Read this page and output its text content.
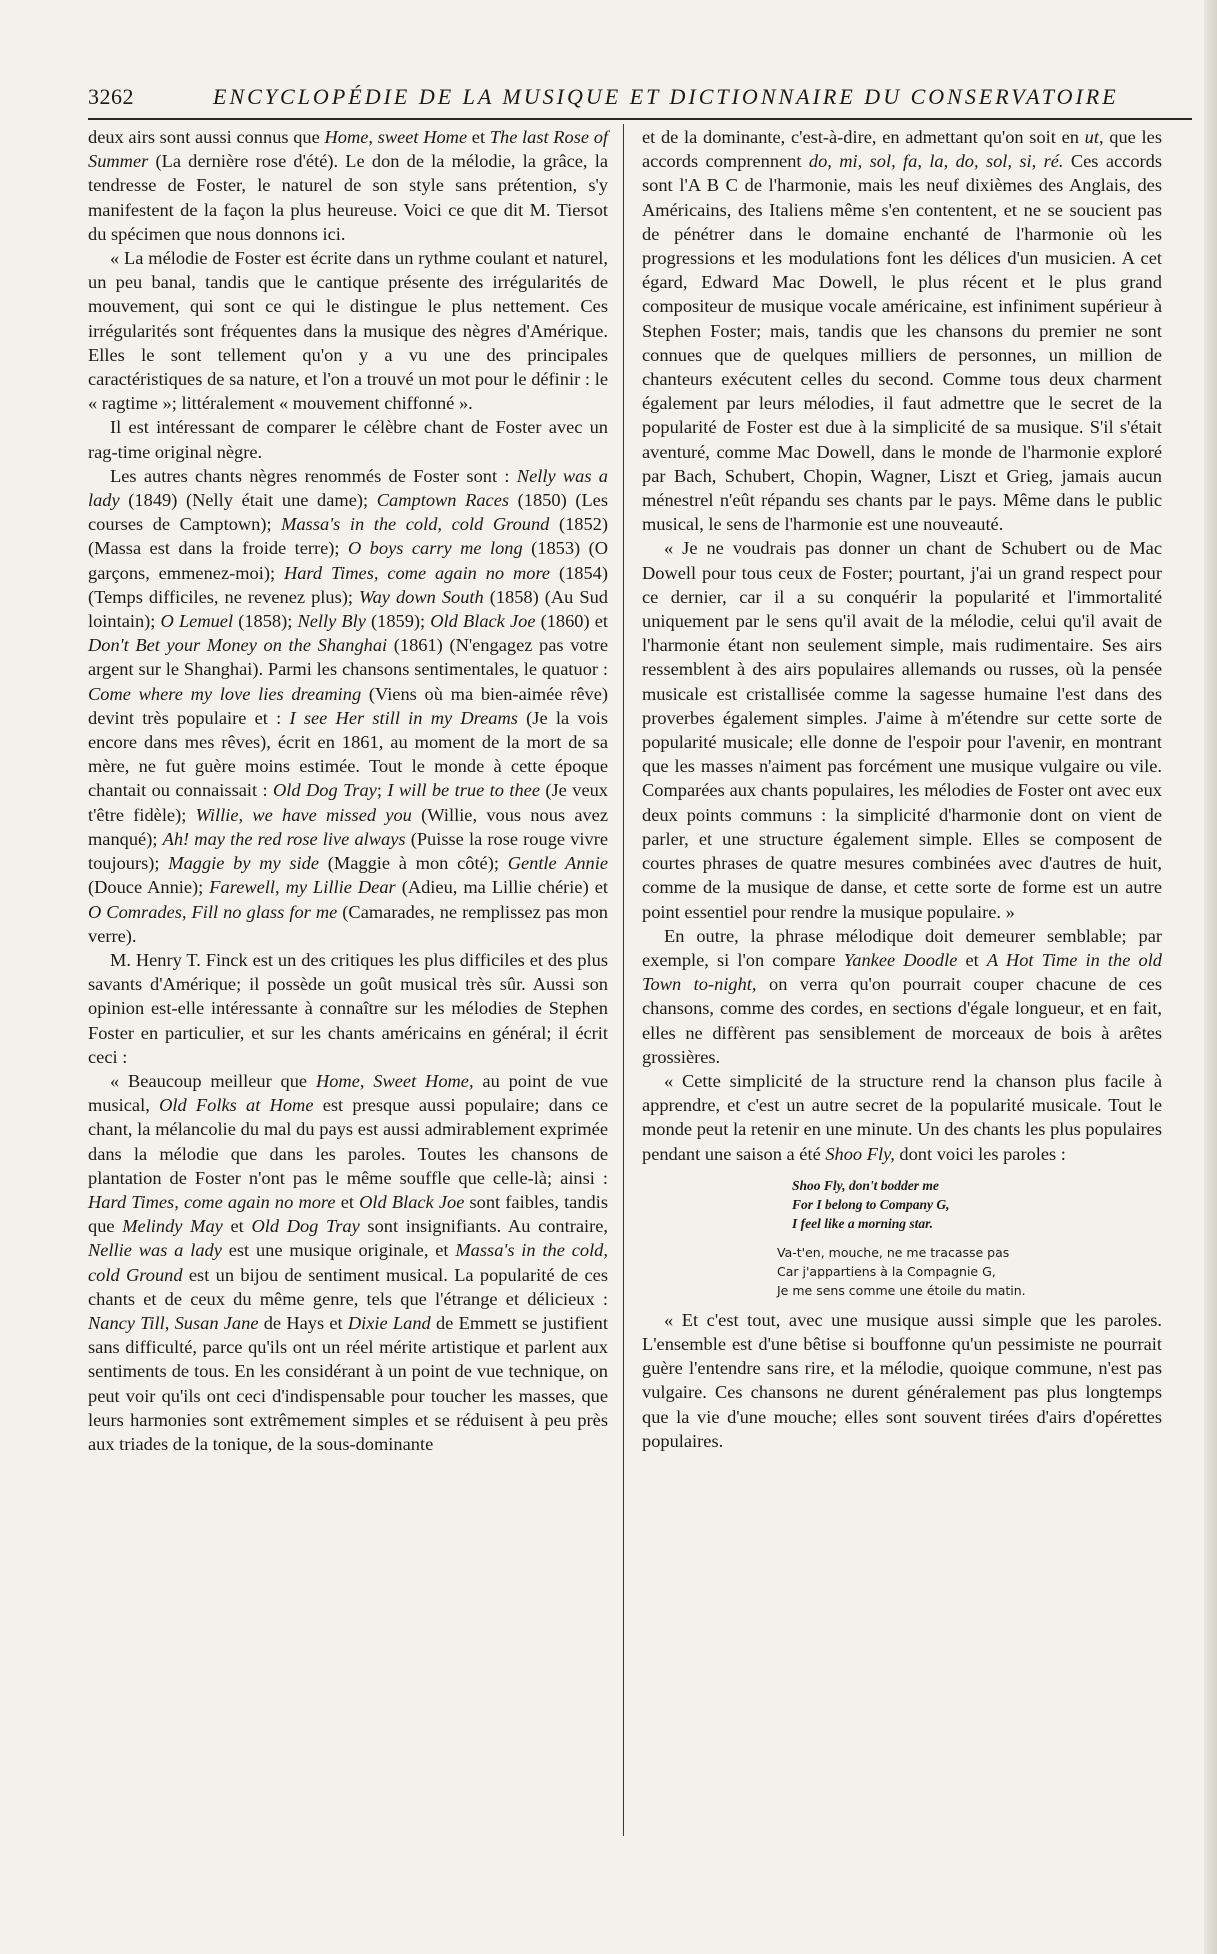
3262	ENCYCLOPÉDIE DE LA MUSIQUE ET DICTIONNAIRE DU CONSERVATOIRE

deux airs sont aussi connus que Home, sweet Home et The last Rose of Summer (La dernière rose d'été). Le don de la mélodie, la grâce, la tendresse de Foster, le naturel de son style sans prétention, s'y manifestent de la façon la plus heureuse. Voici ce que dit M. Tiersot du spécimen que nous donnons ici.

« La mélodie de Foster est écrite dans un rythme coulant et naturel, un peu banal, tandis que le cantique présente des irrégularités de mouvement, qui sont ce qui le distingue le plus nettement. Ces irrégularités sont fréquentes dans la musique des nègres d'Amérique. Elles le sont tellement qu'on y a vu une des principales caractéristiques de sa nature, et l'on a trouvé un mot pour le définir : le « ragtime »; littéralement « mouvement chiffonné ».

Il est intéressant de comparer le célèbre chant de Foster avec un rag-time original nègre.

Les autres chants nègres renommés de Foster sont : Nelly was a lady (1849) (Nelly était une dame); Camptown Races (1850) (Les courses de Camptown); Massa's in the cold, cold Ground (1852) (Massa est dans la froide terre); O boys carry me long (1853) (O garçons, emmenez-moi); Hard Times, come again no more (1854) (Temps difficiles, ne revenez plus); Way down South (1858) (Au Sud lointain); O Lemuel (1858); Nelly Bly (1859); Old Black Joe (1860) et Don't Bet your Money on the Shanghai (1861) (N'engagez pas votre argent sur le Shanghai). Parmi les chansons sentimentales, le quatuor : Come where my love lies dreaming (Viens où ma bien-aimée rêve) devint très populaire et : I see Her still in my Dreams (Je la vois encore dans mes rêves), écrit en 1861, au moment de la mort de sa mère, ne fut guère moins estimée. Tout le monde à cette époque chantait ou connaissait : Old Dog Tray; I will be true to thee (Je veux t'être fidèle); Willie, we have missed you (Willie, vous nous avez manqué); Ah! may the red rose live always (Puisse la rose rouge vivre toujours); Maggie by my side (Maggie à mon côté); Gentle Annie (Douce Annie); Farewell, my Lillie Dear (Adieu, ma Lillie chérie) et O Comrades, Fill no glass for me (Camarades, ne remplissez pas mon verre).

M. Henry T. Finck est un des critiques les plus difficiles et des plus savants d'Amérique; il possède un goût musical très sûr. Aussi son opinion est-elle intéressante à connaître sur les mélodies de Stephen Foster en particulier, et sur les chants américains en général; il écrit ceci :

« Beaucoup meilleur que Home, Sweet Home, au point de vue musical, Old Folks at Home est presque aussi populaire; dans ce chant, la mélancolie du mal du pays est aussi admirablement exprimée dans la mélodie que dans les paroles. Toutes les chansons de plantation de Foster n'ont pas le même souffle que celle-là; ainsi : Hard Times, come again no more et Old Black Joe sont faibles, tandis que Melindy May et Old Dog Tray sont insignifiants. Au contraire, Nellie was a lady est une musique originale, et Massa's in the cold, cold Ground est un bijou de sentiment musical. La popularité de ces chants et de ceux du même genre, tels que l'étrange et délicieux : Nancy Till, Susan Jane de Hays et Dixie Land de Emmett se justifient sans difficulté, parce qu'ils ont un réel mérite artistique et parlent aux sentiments de tous. En les considérant à un point de vue technique, on peut voir qu'ils ont ceci d'indispensable pour toucher les masses, que leurs harmonies sont extrêmement simples et se réduisent à peu près aux triades de la tonique, de la sous-dominante

et de la dominante, c'est-à-dire, en admettant qu'on soit en ut, que les accords comprennent do, mi, sol, fa, la, do, sol, si, ré. Ces accords sont l'A B C de l'harmonie, mais les neuf dixièmes des Anglais, des Américains, des Italiens même s'en contentent, et ne se soucient pas de pénétrer dans le domaine enchanté de l'harmonie où les progressions et les modulations font les délices d'un musicien. A cet égard, Edward Mac Dowell, le plus récent et le plus grand compositeur de musique vocale américaine, est infiniment supérieur à Stephen Foster; mais, tandis que les chansons du premier ne sont connues que de quelques milliers de personnes, un million de chanteurs exécutent celles du second. Comme tous deux charment également par leurs mélodies, il faut admettre que le secret de la popularité de Foster est due à la simplicité de sa musique. S'il s'était aventuré, comme Mac Dowell, dans le monde de l'harmonie exploré par Bach, Schubert, Chopin, Wagner, Liszt et Grieg, jamais aucun ménestrel n'eût répandu ses chants par le pays. Même dans le public musical, le sens de l'harmonie est une nouveauté.

« Je ne voudrais pas donner un chant de Schubert ou de Mac Dowell pour tous ceux de Foster; pourtant, j'ai un grand respect pour ce dernier, car il a su conquérir la popularité et l'immortalité uniquement par le sens qu'il avait de la mélodie, celui qu'il avait de l'harmonie étant non seulement simple, mais rudimentaire. Ses airs ressemblent à des airs populaires allemands ou russes, où la pensée musicale est cristallisée comme la sagesse humaine l'est dans des proverbes également simples. J'aime à m'étendre sur cette sorte de popularité musicale; elle donne de l'espoir pour l'avenir, en montrant que les masses n'aiment pas forcément une musique vulgaire ou vile. Comparées aux chants populaires, les mélodies de Foster ont avec eux deux points communs : la simplicité d'harmonie dont on vient de parler, et une structure également simple. Elles se composent de courtes phrases de quatre mesures combinées avec d'autres de huit, comme de la musique de danse, et cette sorte de forme est un autre point essentiel pour rendre la musique populaire. »

En outre, la phrase mélodique doit demeurer semblable; par exemple, si l'on compare Yankee Doodle et A Hot Time in the old Town to-night, on verra qu'on pourrait couper chacune de ces chansons, comme des cordes, en sections d'égale longueur, et en fait, elles ne diffèrent pas sensiblement de morceaux de bois à arêtes grossières.

« Cette simplicité de la structure rend la chanson plus facile à apprendre, et c'est un autre secret de la popularité musicale. Tout le monde peut la retenir en une minute. Un des chants les plus populaires pendant une saison a été Shoo Fly, dont voici les paroles :

Shoo Fly, don't bodder me
For I belong to Company G,
I feel like a morning star.
Va-t'en, mouche, ne me tracasse pas
Car j'appartiens à la Compagnie G,
Je me sens comme une étoile du matin.

« Et c'est tout, avec une musique aussi simple que les paroles. L'ensemble est d'une bêtise si bouffonne qu'un pessimiste ne pourrait guère l'entendre sans rire, et la mélodie, quoique commune, n'est pas vulgaire. Ces chansons ne durent généralement pas plus longtemps que la vie d'une mouche; elles sont souvent tirées d'airs d'opérettes populaires.
